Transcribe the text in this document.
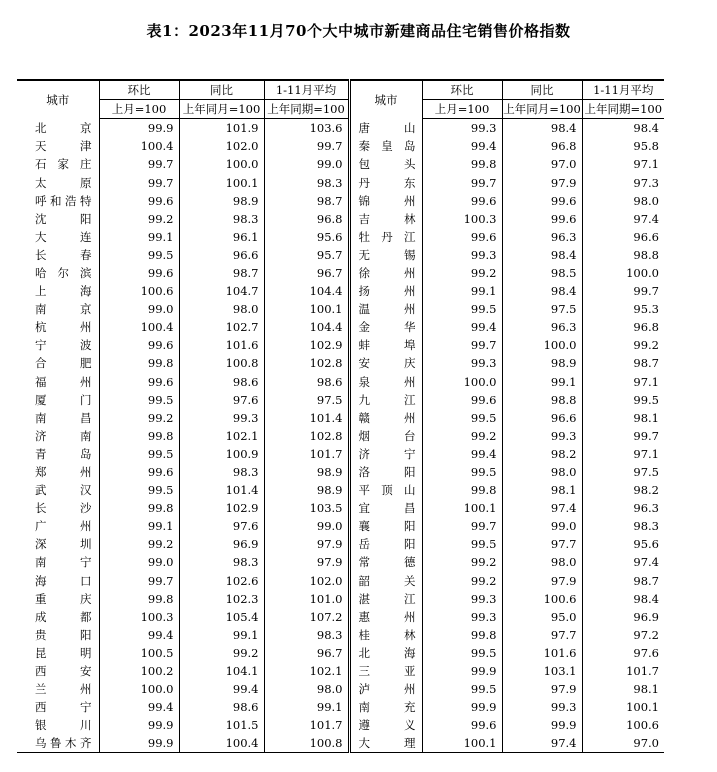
表1：2023年11月70个大中城市新建商品住宅销售价格指数
城市	环比	同比	1-11月平均	城市	环比	同比	1-11月平均
	上月=100	上年同月=100	上年同期=100		上月=100	上年同月=100	上年同期=100
北京	99.9	101.9	103.6	唐山	99.3	98.4	98.4
天津	100.4	102.0	99.7	秦皇岛	99.4	96.8	95.8
石家庄	99.7	100.0	99.0	包头	99.8	97.0	97.1
太原	99.7	100.1	98.3	丹东	99.7	97.9	97.3
呼和浩特	99.6	98.9	98.7	锦州	99.6	99.6	98.0
沈阳	99.2	98.3	96.8	吉林	100.3	99.6	97.4
大连	99.1	96.1	95.6	牡丹江	99.6	96.3	96.6
长春	99.5	96.6	95.7	无锡	99.3	98.4	98.8
哈尔滨	99.6	98.7	96.7	徐州	99.2	98.5	100.0
上海	100.6	104.7	104.4	扬州	99.1	98.4	99.7
南京	99.0	98.0	100.1	温州	99.5	97.5	95.3
杭州	100.4	102.7	104.4	金华	99.4	96.3	96.8
宁波	99.6	101.6	102.9	蚌埠	99.7	100.0	99.2
合肥	99.8	100.8	102.8	安庆	99.3	98.9	98.7
福州	99.6	98.6	98.6	泉州	100.0	99.1	97.1
厦门	99.5	97.6	97.5	九江	99.6	98.8	99.5
南昌	99.2	99.3	101.4	赣州	99.5	96.6	98.1
济南	99.8	102.1	102.8	烟台	99.2	99.3	99.7
青岛	99.5	100.9	101.7	济宁	99.4	98.2	97.1
郑州	99.6	98.3	98.9	洛阳	99.5	98.0	97.5
武汉	99.5	101.4	98.9	平顶山	99.8	98.1	98.2
长沙	99.8	102.9	103.5	宜昌	100.1	97.4	96.3
广州	99.1	97.6	99.0	襄阳	99.7	99.0	98.3
深圳	99.2	96.9	97.9	岳阳	99.5	97.7	95.6
南宁	99.0	98.3	97.9	常德	99.2	98.0	97.4
海口	99.7	102.6	102.0	韶关	99.2	97.9	98.7
重庆	99.8	102.3	101.0	湛江	99.3	100.6	98.4
成都	100.3	105.4	107.2	惠州	99.3	95.0	96.9
贵阳	99.4	99.1	98.3	桂林	99.8	97.7	97.2
昆明	100.5	99.2	96.7	北海	99.5	101.6	97.6
西安	100.2	104.1	102.1	三亚	99.9	103.1	101.7
兰州	100.0	99.4	98.0	泸州	99.5	97.9	98.1
西宁	99.4	98.6	99.1	南充	99.9	99.3	100.1
银川	99.9	101.5	101.7	遵义	99.6	99.9	100.6
乌鲁木齐	99.9	100.4	100.8	大理	100.1	97.4	97.0
